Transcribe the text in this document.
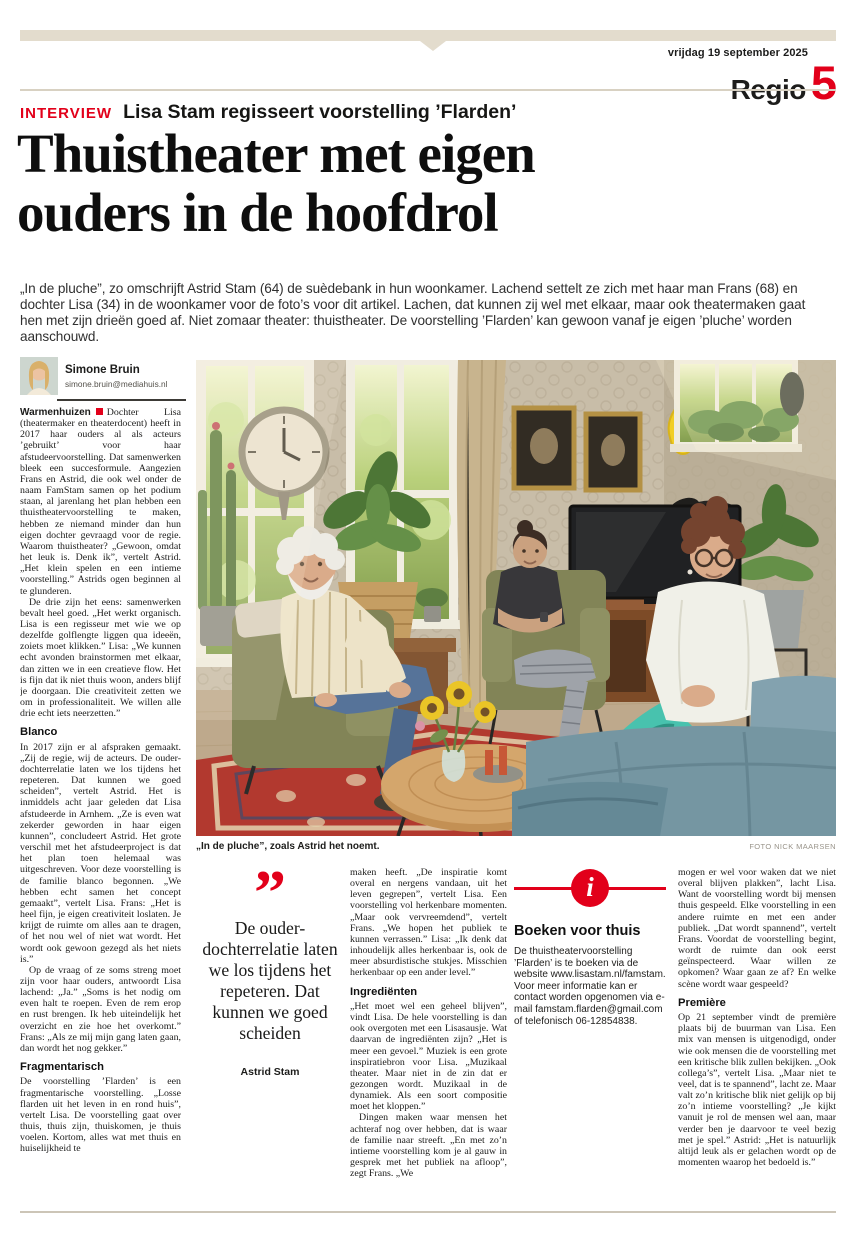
vrijdag 19 september 2025
Regio 5
INTERVIEW Lisa Stam regisseert voorstelling ’Flarden’
Thuistheater met eigen
ouders in de hoofdrol

„In de pluche”, zo omschrijft Astrid Stam (64) de suèdebank in hun woonkamer. Lachend settelt ze zich met haar man Frans (68) en dochter Lisa (34) in de woonkamer voor de foto’s voor dit artikel. Lachen, dat kunnen zij wel met elkaar, maar ook theatermaken gaat hen met zijn drieën goed af. Niet zomaar theater: thuistheater. De voorstelling ’Flarden’ kan gewoon vanaf je eigen ’pluche’ worden aanschouwd.

Simone Bruin
simone.bruin@mediahuis.nl

Warmenhuizen Dochter Lisa (theatermaker en theaterdocent) heeft in 2017 haar ouders al als acteurs ’gebruikt’ voor haar afstudeervoorstelling. Dat samenwerken bleek een succesformule. Aangezien Frans en Astrid, die ook wel onder de naam FamStam samen op het podium staan, al jarenlang het plan hebben een thuistheatervoorstelling te maken, hebben ze niemand minder dan hun eigen dochter gevraagd voor de regie. Waarom thuistheater? „Gewoon, omdat het leuk is. Denk ik”, vertelt Astrid. „Het klein spelen en een intieme voorstelling.” Astrids ogen beginnen al te glunderen.

De drie zijn het eens: samenwerken bevalt heel goed. „Het werkt organisch. Lisa is een regisseur met wie we op dezelfde golflengte liggen qua ideeën, zoiets moet klikken.” Lisa: „We kunnen echt avonden brainstormen met elkaar, dan zitten we in een creatieve flow. Het is fijn dat ik niet thuis woon, anders blijf je doorgaan. Die creativiteit zetten we om in professionaliteit. We willen alle drie echt iets neerzetten.”

Blanco

In 2017 zijn er al afspraken gemaakt. „Zij de regie, wij de acteurs. De ouder-dochterrelatie laten we los tijdens het repeteren. Dat kunnen we goed scheiden”, vertelt Astrid. Het is inmiddels acht jaar geleden dat Lisa afstudeerde in Arnhem. „Ze is even wat zekerder geworden in haar eigen kunnen”, concludeert Astrid. Het grote verschil met het afstudeerproject is dat het plan toen helemaal was uitgeschreven. Voor deze voorstelling is de familie blanco begonnen. „We hebben echt samen het concept gemaakt”, vertelt Lisa. Frans: „Het is heel fijn, je eigen creativiteit loslaten. Je krijgt de ruimte om alles aan te dragen, of het nou wel of niet wat wordt. Het wordt ook gewoon gezegd als het niets is.”

Op de vraag of ze soms streng moet zijn voor haar ouders, antwoordt Lisa lachend: „Ja.” „Soms is het nodig om even halt te roepen. Even de rem erop en rust brengen. Ik heb uiteindelijk het overzicht en zie hoe het overkomt.” Frans: „Als ze mij mijn gang laten gaan, dan wordt het nog gekker.”

Fragmentarisch

De voorstelling ’Flarden’ is een fragmentarische voorstelling. „Losse flarden uit het leven in en rond huis”, vertelt Lisa. De voorstelling gaat over thuis, thuis zijn, thuiskomen, je thuis voelen. Kortom, alles wat met thuis en huiselijkheid te

„In de pluche”, zoals Astrid het noemt.	FOTO NICK MAARSEN
”
De ouder-dochterrelatie laten we los tijdens het repeteren. Dat kunnen we goed scheiden
Astrid Stam

maken heeft. „De inspiratie komt overal en nergens vandaan, uit het leven gegrepen”, vertelt Lisa. Een voorstelling vol herkenbare momenten. „Maar ook vervreemdend”, vertelt Frans. „We hopen het publiek te kunnen verrassen.” Lisa: „Ik denk dat inhoudelijk alles herkenbaar is, ook de meer absurdistische stukjes. Misschien herkenbaar op een ander level.”

Ingrediënten

„Het moet wel een geheel blijven”, vindt Lisa. De hele voorstelling is dan ook overgoten met een Lisasausje. Wat daarvan de ingrediënten zijn? „Het is meer een gevoel.” Muziek is een grote inspiratiebron voor Lisa. „Muzikaal theater. Maar niet in de zin dat er gezongen wordt. Muzikaal in de dynamiek. Als een soort compositie moet het kloppen.”

Dingen maken waar mensen het achteraf nog over hebben, dat is waar de familie naar streeft. „En met zo’n intieme voorstelling kom je al gauw in gesprek met het publiek na afloop”, zegt Frans. „We

i
Boeken voor thuis
De thuistheatervoorstelling ’Flarden’ is te boeken via de website www.lisastam.nl/famstam. Voor meer informatie kan er contact worden opgenomen via e-mail famstam.flarden@gmail.com of telefonisch 06-12854838.

mogen er wel voor waken dat we niet overal blijven plakken”, lacht Lisa. Want de voorstelling wordt bij mensen thuis gespeeld. Elke voorstelling in een andere ruimte en met een ander publiek. „Dat wordt spannend”, vertelt Frans. Voordat de voorstelling begint, wordt de ruimte dan ook eerst geïnspecteerd. Waar willen ze opkomen? Waar gaan ze af? En welke scène wordt waar gespeeld?

Première

Op 21 september vindt de première plaats bij de buurman van Lisa. Een mix van mensen is uitgenodigd, onder wie ook mensen die de voorstelling met een kritische blik zullen bekijken. „Ook collega’s”, vertelt Lisa. „Maar niet te veel, dat is te spannend”, lacht ze. Maar valt zo’n kritische blik niet gelijk op bij zo’n intieme voorstelling? „Je kijkt vanuit je rol de mensen wel aan, maar verder ben je daarvoor te veel bezig met je spel.” Astrid: „Het is natuurlijk altijd leuk als er gelachen wordt op de momenten waarop het bedoeld is.”
